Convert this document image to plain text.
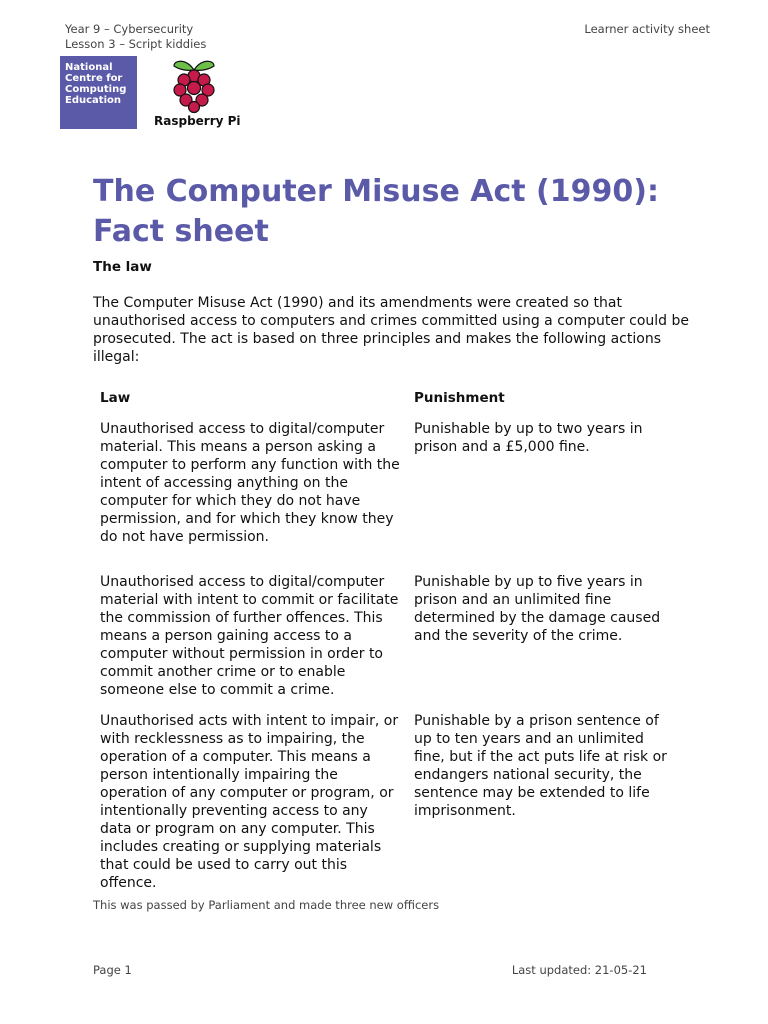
Year 9 – Cybersecurity
Lesson 3 – Script kiddies
Learner activity sheet
National Centre for Computing Education
Raspberry Pi
The Computer Misuse Act (1990): Fact sheet
The law
The Computer Misuse Act (1990) and its amendments were created so that unauthorised access to computers and crimes committed using a computer could be prosecuted. The act is based on three principles and makes the following actions illegal:
Law	Punishment
Unauthorised access to digital/computer material. This means a person asking a computer to perform any function with the intent of accessing anything on the computer for which they do not have permission, and for which they know they do not have permission.
Punishable by up to two years in prison and a £5,000 fine.
Unauthorised access to digital/computer material with intent to commit or facilitate the commission of further offences. This means a person gaining access to a computer without permission in order to commit another crime or to enable someone else to commit a crime.
Punishable by up to five years in prison and an unlimited fine determined by the damage caused and the severity of the crime.
Unauthorised acts with intent to impair, or with recklessness as to impairing, the operation of a computer. This means a person intentionally impairing the operation of any computer or program, or intentionally preventing access to any data or program on any computer. This includes creating or supplying materials that could be used to carry out this offence.
Punishable by a prison sentence of up to ten years and an unlimited fine, but if the act puts life at risk or endangers national security, the sentence may be extended to life imprisonment.
This was passed by Parliament and made three new officers
Page 1	Last updated: 21-05-21
